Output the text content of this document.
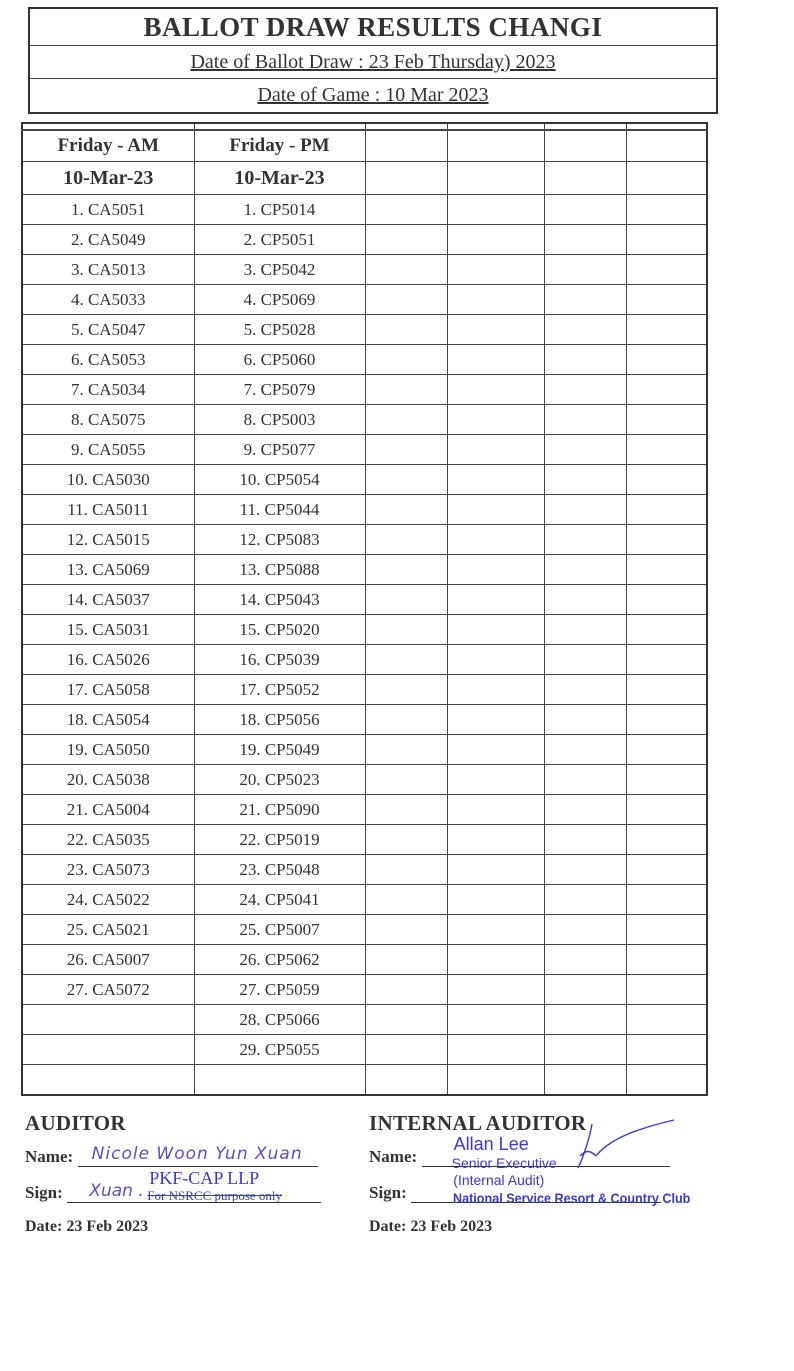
BALLOT DRAW RESULTS CHANGI
Date of Ballot Draw : 23 Feb Thursday) 2023
Date of Game : 10 Mar 2023

Friday - AM	Friday - PM				
10-Mar-23	10-Mar-23				
1. CA5051	1. CP5014				
2. CA5049	2. CP5051				
3. CA5013	3. CP5042				
4. CA5033	4. CP5069				
5. CA5047	5. CP5028				
6. CA5053	6. CP5060				
7. CA5034	7. CP5079				
8. CA5075	8. CP5003				
9. CA5055	9. CP5077				
10. CA5030	10. CP5054				
11. CA5011	11. CP5044				
12. CA5015	12. CP5083				
13. CA5069	13. CP5088				
14. CA5037	14. CP5043				
15. CA5031	15. CP5020				
16. CA5026	16. CP5039				
17. CA5058	17. CP5052				
18. CA5054	18. CP5056				
19. CA5050	19. CP5049				
20. CA5038	20. CP5023				
21. CA5004	21. CP5090				
22. CA5035	22. CP5019				
23. CA5073	23. CP5048				
24. CA5022	24. CP5041				
25. CA5021	25. CP5007				
26. CA5007	26. CP5062				
27. CA5072	27. CP5059				
	28. CP5066				
	29. CP5055				

AUDITOR
Name: Nicole Woon Yun Xuan
Sign: Xuan .
PKF-CAP LLP
For NSRCC purpose only
Date: 23 Feb 2023
INTERNAL AUDITOR
Name:
Allan Lee
Senior Executive
Sign:
(Internal Audit)
National Service Resort & Country Club
Date: 23 Feb 2023
